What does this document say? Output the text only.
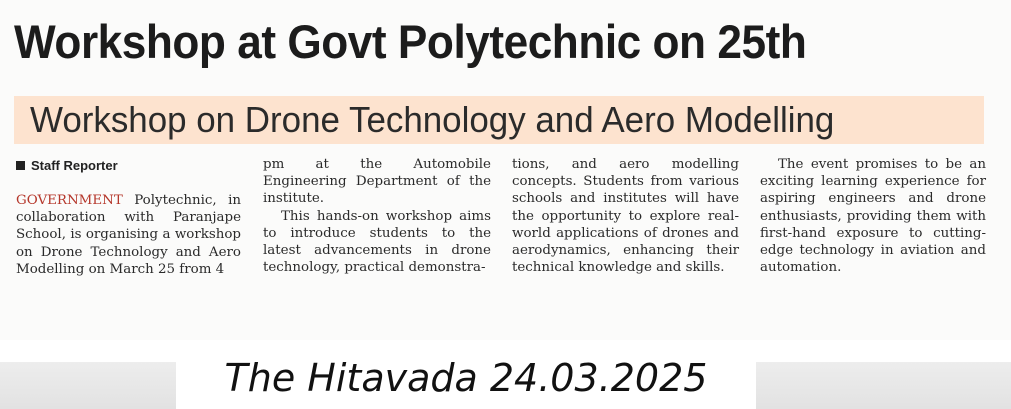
Workshop at Govt Polytechnic on 25th
Workshop on Drone Technology and Aero Modelling
Staff Reporter

GOVERNMENT Polytechnic, in collaboration with Paranjape School, is organising a workshop on Drone Technology and Aero Modelling on March 25 from 4

pm at the Automobile Engineering Department of the institute.

This hands-on workshop aims to introduce students to the latest advancements in drone technology, practical demonstra-

tions, and aero modelling concepts. Students from various schools and institutes will have the opportunity to explore real-world applications of drones and aerodynamics, enhancing their technical knowledge and skills.

The event promises to be an exciting learning experience for aspiring engineers and drone enthusiasts, providing them with first-hand exposure to cutting-edge technology in aviation and automation.

The Hitavada 24.03.2025
